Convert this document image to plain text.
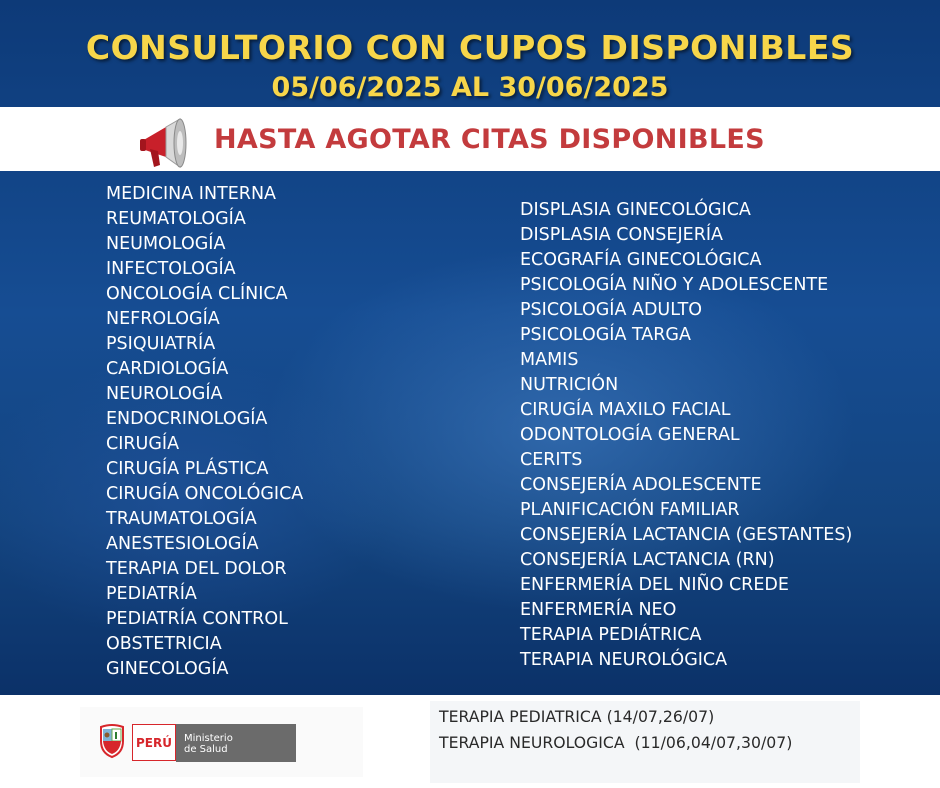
CONSULTORIO CON CUPOS DISPONIBLES
05/06/2025 AL 30/06/2025
HASTA AGOTAR CITAS DISPONIBLES
MEDICINA INTERNA
REUMATOLOGÍA
NEUMOLOGÍA
INFECTOLOGÍA
ONCOLOGÍA CLÍNICA
NEFROLOGÍA
PSIQUIATRÍA
CARDIOLOGÍA
NEUROLOGÍA
ENDOCRINOLOGÍA
CIRUGÍA
CIRUGÍA PLÁSTICA
CIRUGÍA ONCOLÓGICA
TRAUMATOLOGÍA
ANESTESIOLOGÍA
TERAPIA DEL DOLOR
PEDIATRÍA
PEDIATRÍA CONTROL
OBSTETRICIA
GINECOLOGÍA
DISPLASIA GINECOLÓGICA
DISPLASIA CONSEJERÍA
ECOGRAFÍA GINECOLÓGICA
PSICOLOGÍA NIÑO Y ADOLESCENTE
PSICOLOGÍA ADULTO
PSICOLOGÍA TARGA
MAMIS
NUTRICIÓN
CIRUGÍA MAXILO FACIAL
ODONTOLOGÍA GENERAL
CERITS
CONSEJERÍA ADOLESCENTE
PLANIFICACIÓN FAMILIAR
CONSEJERÍA LACTANCIA (GESTANTES)
CONSEJERÍA LACTANCIA (RN)
ENFERMERÍA DEL NIÑO CREDE
ENFERMERÍA NEO
TERAPIA PEDIÁTRICA
TERAPIA NEUROLÓGICA
PERÚ	Ministerio
de Salud
TERAPIA PEDIATRICA (14/07,26/07)
TERAPIA NEUROLOGICA  (11/06,04/07,30/07)
